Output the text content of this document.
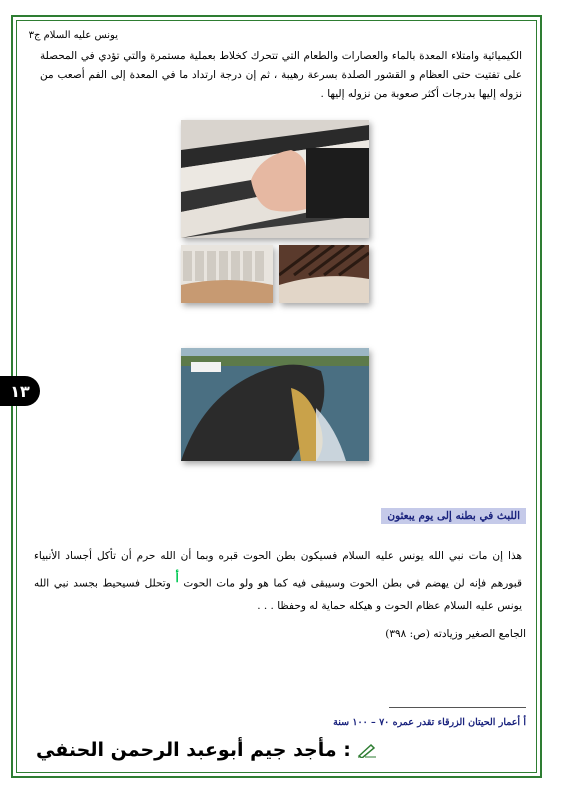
يونس عليه السلام ج٣
الكيميائية وامتلاء المعدة بالماء والعصارات والطعام التي تتحرك كخلاط بعملية مستمرة والتي تؤدي في المحصلة على تفتيت حتى العظام و القشور الصلدة بسرعة رهيبة ، ثم إن درجة ارتداد ما في المعدة إلى الفم أصعب من نزوله إليها بدرجات أكثر صعوبة من نزوله إليها .
١٣
اللبث في بطنه إلى يوم يبعثون
هذا إن مات نبي الله يونس عليه السلام فسيكون بطن الحوت قبره وبما أن الله حرم أن تأكل أجساد الأنبياء قبورهم فإنه لن يهضم في بطن الحوت وسيبقى فيه كما هو ولو مات الحوت $^أ$ وتحلل فسيحيط بجسد نبي الله يونس عليه السلام عظام الحوت و هيكله حماية له وحفظا . . .
الجامع الصغير وزيادته (ص: ٣٩٨)
أ أعمار الحيتان الزرقاء تقدر عمره ٧٠ – ١٠٠ سنة
: مأجد جيم أبوعبد الرحمن الحنفي
